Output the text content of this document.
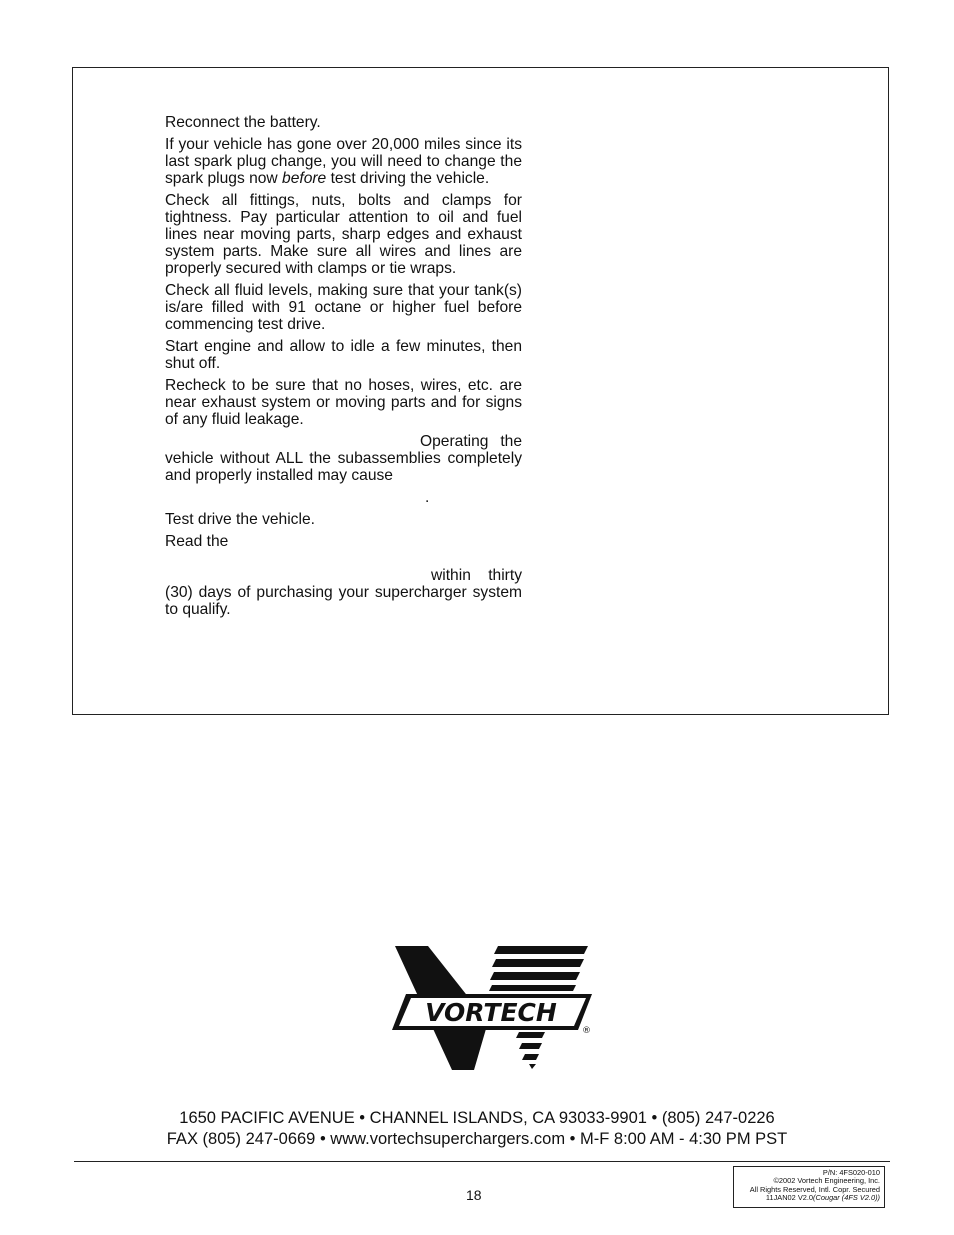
Reconnect the battery.

If your vehicle has gone over 20,000 miles since its last spark plug change, you will need to change the spark plugs now before test driving the vehicle.

Check all fittings, nuts, bolts and clamps for tightness. Pay particular attention to oil and fuel lines near moving parts, sharp edges and exhaust system parts. Make sure all wires and lines are properly secured with clamps or tie wraps.

Check all fluid levels, making sure that your tank(s) is/are filled with 91 octane or higher fuel before commencing test drive.

Start engine and allow to idle a few minutes, then shut off.

Recheck to be sure that no hoses, wires, etc. are near exhaust system or moving parts and for signs of any fluid leakage.

Operating the vehicle without ALL the subassemblies completely and properly installed may cause

.

Test drive the vehicle.

Read the

within thirty (30) days of purchasing your supercharger system to qualify.

VORTECH
®
1650 PACIFIC AVENUE • CHANNEL ISLANDS, CA 93033-9901 • (805) 247-0226
FAX (805) 247-0669 • www.vortechsuperchargers.com • M-F 8:00 AM - 4:30 PM PST
18
P/N: 4FS020-010
©2002 Vortech Engineering, Inc.
All Rights Reserved, Intl. Copr. Secured
11JAN02 V2.0(Cougar (4FS V2.0))
